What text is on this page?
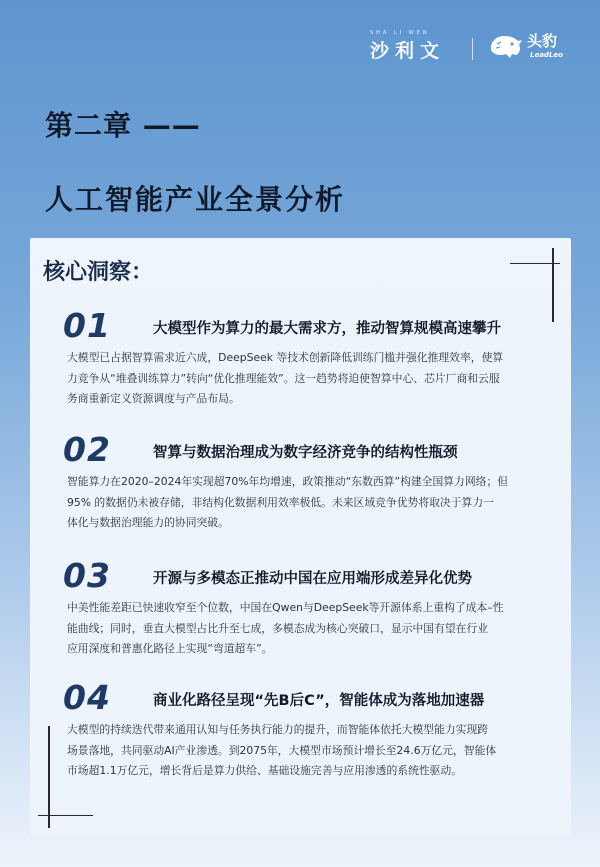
SHA LI WEN
沙利文	头豹
LeadLeo
第二章 ——
人工智能产业全景分析
核心洞察：
01	大模型作为算力的最大需求方，推动智算规模高速攀升
大模型已占据智算需求近六成，DeepSeek 等技术创新降低训练门槛并强化推理效率，使算
力竞争从“堆叠训练算力”转向“优化推理能效”。这一趋势将迫使智算中心、芯片厂商和云服
务商重新定义资源调度与产品布局。
02	智算与数据治理成为数字经济竞争的结构性瓶颈
智能算力在2020–2024年实现超70%年均增速，政策推动“东数西算”构建全国算力网络；但
95% 的数据仍未被存储，非结构化数据利用效率极低。未来区域竞争优势将取决于算力一
体化与数据治理能力的协同突破。
03	开源与多模态正推动中国在应用端形成差异化优势
中美性能差距已快速收窄至个位数，中国在Qwen与DeepSeek等开源体系上重构了成本–性
能曲线；同时，垂直大模型占比升至七成，多模态成为核心突破口，显示中国有望在行业
应用深度和普惠化路径上实现“弯道超车”。
04	商业化路径呈现“先B后C”，智能体成为落地加速器
大模型的持续迭代带来通用认知与任务执行能力的提升，而智能体依托大模型能力实现跨
场景落地，共同驱动AI产业渗透。到2075年，大模型市场预计增长至24.6万亿元，智能体
市场超1.1万亿元，增长背后是算力供给、基础设施完善与应用渗透的系统性驱动。
